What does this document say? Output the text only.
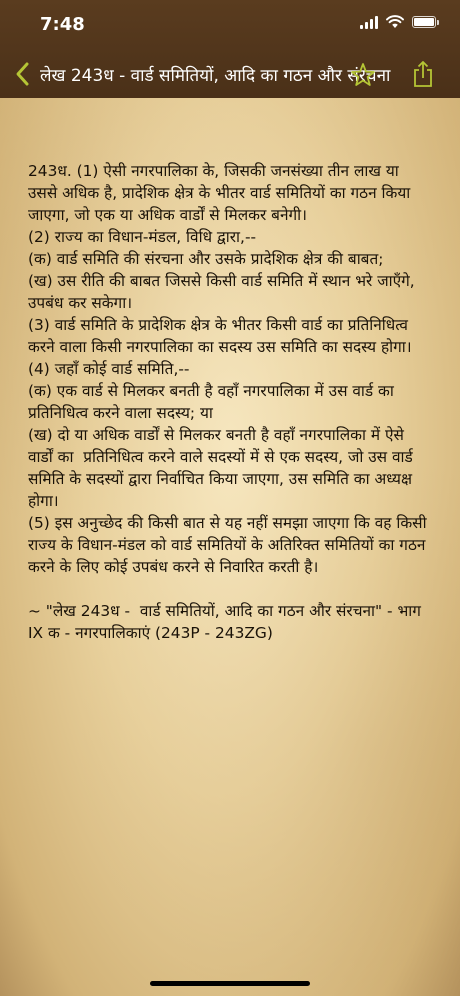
7:48
लेख 243ध - वार्ड समितियों, आदि का गठन और संरचना

243ध. (1) ऐसी नगरपालिका के, जिसकी जनसंख्या तीन लाख या उससे अधिक है, प्रादेशिक क्षेत्र के भीतर वार्ड समितियों का गठन किया जाएगा, जो एक या अधिक वार्डों से मिलकर बनेगी।
(2) राज्य का विधान-मंडल, विधि द्वारा,--
(क) वार्ड समिति की संरचना और उसके प्रादेशिक क्षेत्र की बाबत;
(ख) उस रीति की बाबत जिससे किसी वार्ड समिति में स्थान भरे जाएँगे,
उपबंध कर सकेगा।
(3) वार्ड समिति के प्रादेशिक क्षेत्र के भीतर किसी वार्ड का प्रतिनिधित्व करने वाला किसी नगरपालिका का सदस्य उस समिति का सदस्य होगा।
(4) जहाँ कोई वार्ड समिति,--
(क) एक वार्ड से मिलकर बनती है वहाँ नगरपालिका में उस वार्ड का प्रतिनिधित्व करने वाला सदस्य; या
(ख) दो या अधिक वार्डों से मिलकर बनती है वहाँ नगरपालिका में ऐसे वार्डों का  प्रतिनिधित्व करने वाले सदस्यों में से एक सदस्य, जो उस वार्ड समिति के सदस्यों द्वारा निर्वाचित किया जाएगा, उस समिति का अध्यक्ष होगा।
(5) इस अनुच्छेद की किसी बात से यह नहीं समझा जाएगा कि वह किसी राज्य के विधान-मंडल को वार्ड समितियों के अतिरिक्त समितियों का गठन करने के लिए कोई उपबंध करने से निवारित करती है।

~ "लेख 243ध -  वार्ड समितियों, आदि का गठन और संरचना" - भाग IX क - नगरपालिकाएं (243P - 243ZG)
